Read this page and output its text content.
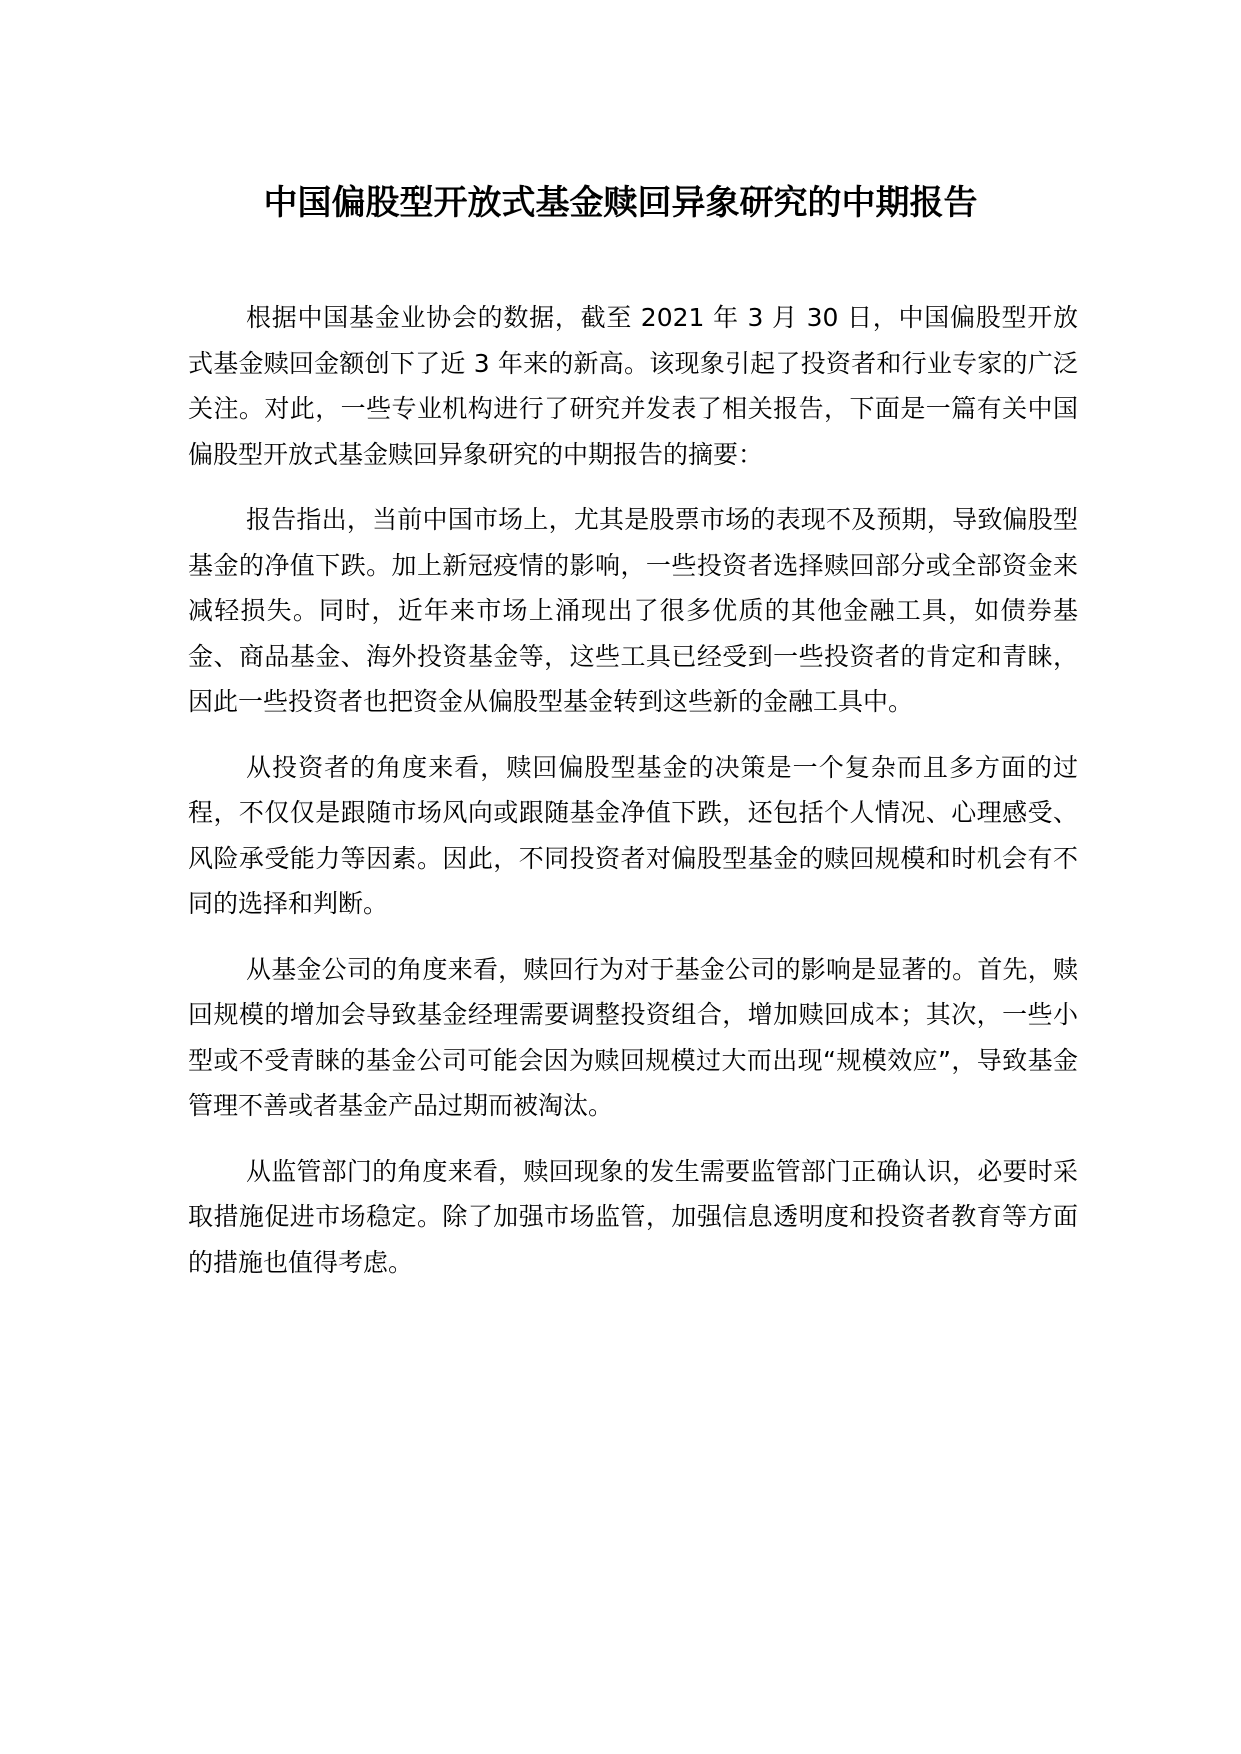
中国偏股型开放式基金赎回异象研究的中期报告

根据中国基金业协会的数据，截至 2021 年 3 月 30 日，中国偏股型开放式基金赎回金额创下了近 3 年来的新高。该现象引起了投资者和行业专家的广泛关注。对此，一些专业机构进行了研究并发表了相关报告，下面是一篇有关中国偏股型开放式基金赎回异象研究的中期报告的摘要：

报告指出，当前中国市场上，尤其是股票市场的表现不及预期，导致偏股型基金的净值下跌。加上新冠疫情的影响，一些投资者选择赎回部分或全部资金来减轻损失。同时，近年来市场上涌现出了很多优质的其他金融工具，如债券基金、商品基金、海外投资基金等，这些工具已经受到一些投资者的肯定和青睐，因此一些投资者也把资金从偏股型基金转到这些新的金融工具中。

从投资者的角度来看，赎回偏股型基金的决策是一个复杂而且多方面的过程，不仅仅是跟随市场风向或跟随基金净值下跌，还包括个人情况、心理感受、风险承受能力等因素。因此，不同投资者对偏股型基金的赎回规模和时机会有不同的选择和判断。

从基金公司的角度来看，赎回行为对于基金公司的影响是显著的。首先，赎回规模的增加会导致基金经理需要调整投资组合，增加赎回成本；其次，一些小型或不受青睐的基金公司可能会因为赎回规模过大而出现“规模效应”，导致基金管理不善或者基金产品过期而被淘汰。

从监管部门的角度来看，赎回现象的发生需要监管部门正确认识，必要时采取措施促进市场稳定。除了加强市场监管，加强信息透明度和投资者教育等方面的措施也值得考虑。
